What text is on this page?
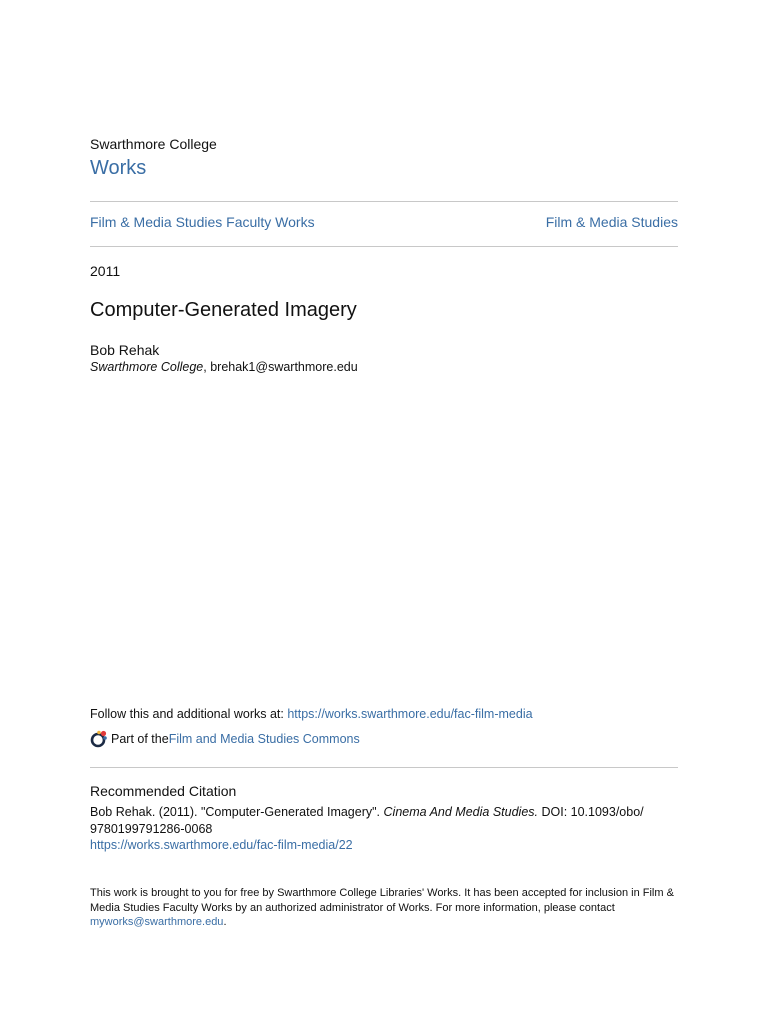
Swarthmore College
Works
Film & Media Studies Faculty Works	Film & Media Studies
2011
Computer-Generated Imagery
Bob Rehak
Swarthmore College, brehak1@swarthmore.edu
Follow this and additional works at: https://works.swarthmore.edu/fac-film-media
Part of the Film and Media Studies Commons
Recommended Citation
Bob Rehak. (2011). "Computer-Generated Imagery". Cinema And Media Studies. DOI: 10.1093/obo/ 9780199791286-0068
https://works.swarthmore.edu/fac-film-media/22
This work is brought to you for free by Swarthmore College Libraries' Works. It has been accepted for inclusion in Film & Media Studies Faculty Works by an authorized administrator of Works. For more information, please contact myworks@swarthmore.edu.
